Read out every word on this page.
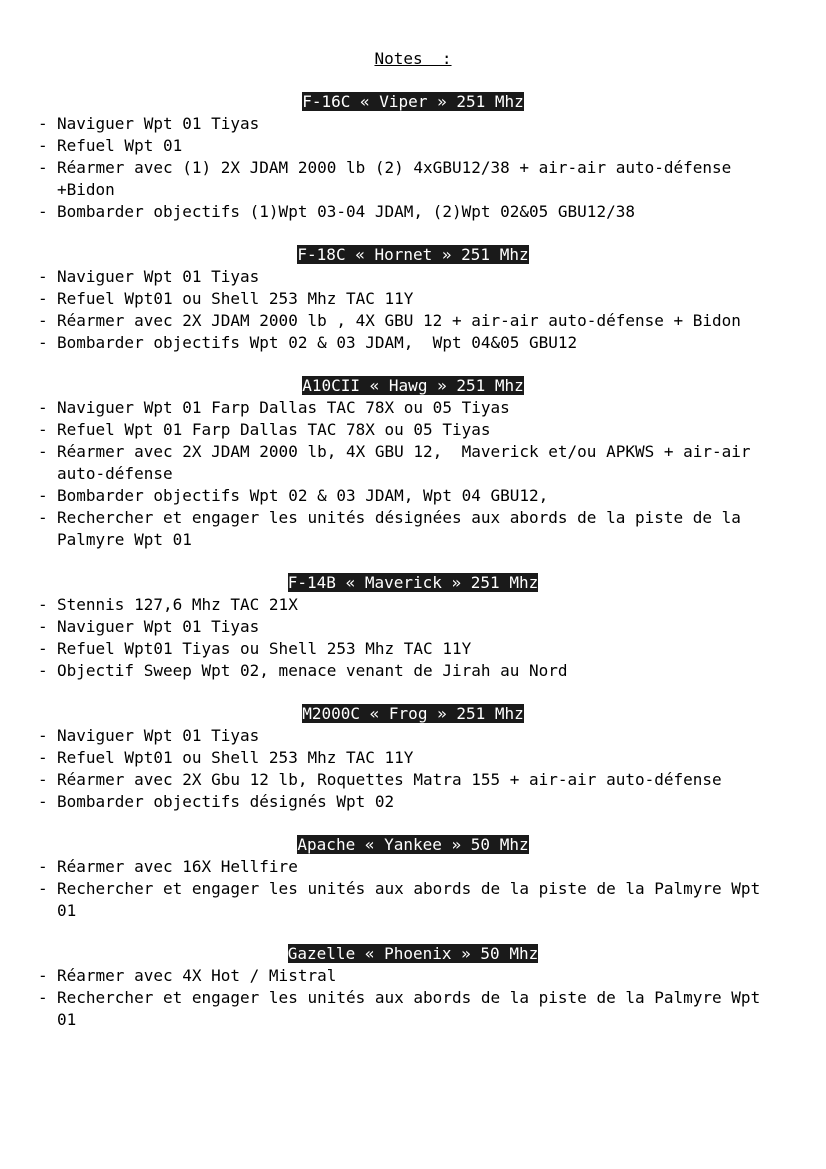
Notes  :
F-16C « Viper » 251 Mhz
- Naviguer Wpt 01 Tiyas
- Refuel Wpt 01
- Réarmer avec (1) 2X JDAM 2000 lb (2) 4xGBU12/38 + air-air auto-défense +Bidon
- Bombarder objectifs (1)Wpt 03-04 JDAM, (2)Wpt 02&05 GBU12/38
F-18C « Hornet » 251 Mhz
- Naviguer Wpt 01 Tiyas
- Refuel Wpt01 ou Shell 253 Mhz TAC 11Y
- Réarmer avec 2X JDAM 2000 lb , 4X GBU 12 + air-air auto-défense + Bidon
- Bombarder objectifs Wpt 02 & 03 JDAM,  Wpt 04&05 GBU12
A10CII « Hawg » 251 Mhz
- Naviguer Wpt 01 Farp Dallas TAC 78X ou 05 Tiyas
- Refuel Wpt 01 Farp Dallas TAC 78X ou 05 Tiyas
- Réarmer avec 2X JDAM 2000 lb, 4X GBU 12,  Maverick et/ou APKWS + air-air auto-défense
- Bombarder objectifs Wpt 02 & 03 JDAM, Wpt 04 GBU12,
- Rechercher et engager les unités désignées aux abords de la piste de la Palmyre Wpt 01
F-14B « Maverick » 251 Mhz
- Stennis 127,6 Mhz TAC 21X
- Naviguer Wpt 01 Tiyas
- Refuel Wpt01 Tiyas ou Shell 253 Mhz TAC 11Y
- Objectif Sweep Wpt 02, menace venant de Jirah au Nord
M2000C « Frog » 251 Mhz
- Naviguer Wpt 01 Tiyas
- Refuel Wpt01 ou Shell 253 Mhz TAC 11Y
- Réarmer avec 2X Gbu 12 lb, Roquettes Matra 155 + air-air auto-défense
- Bombarder objectifs désignés Wpt 02
Apache « Yankee » 50 Mhz
- Réarmer avec 16X Hellfire
- Rechercher et engager les unités aux abords de la piste de la Palmyre Wpt 01
Gazelle « Phoenix » 50 Mhz
- Réarmer avec 4X Hot / Mistral
- Rechercher et engager les unités aux abords de la piste de la Palmyre Wpt 01
